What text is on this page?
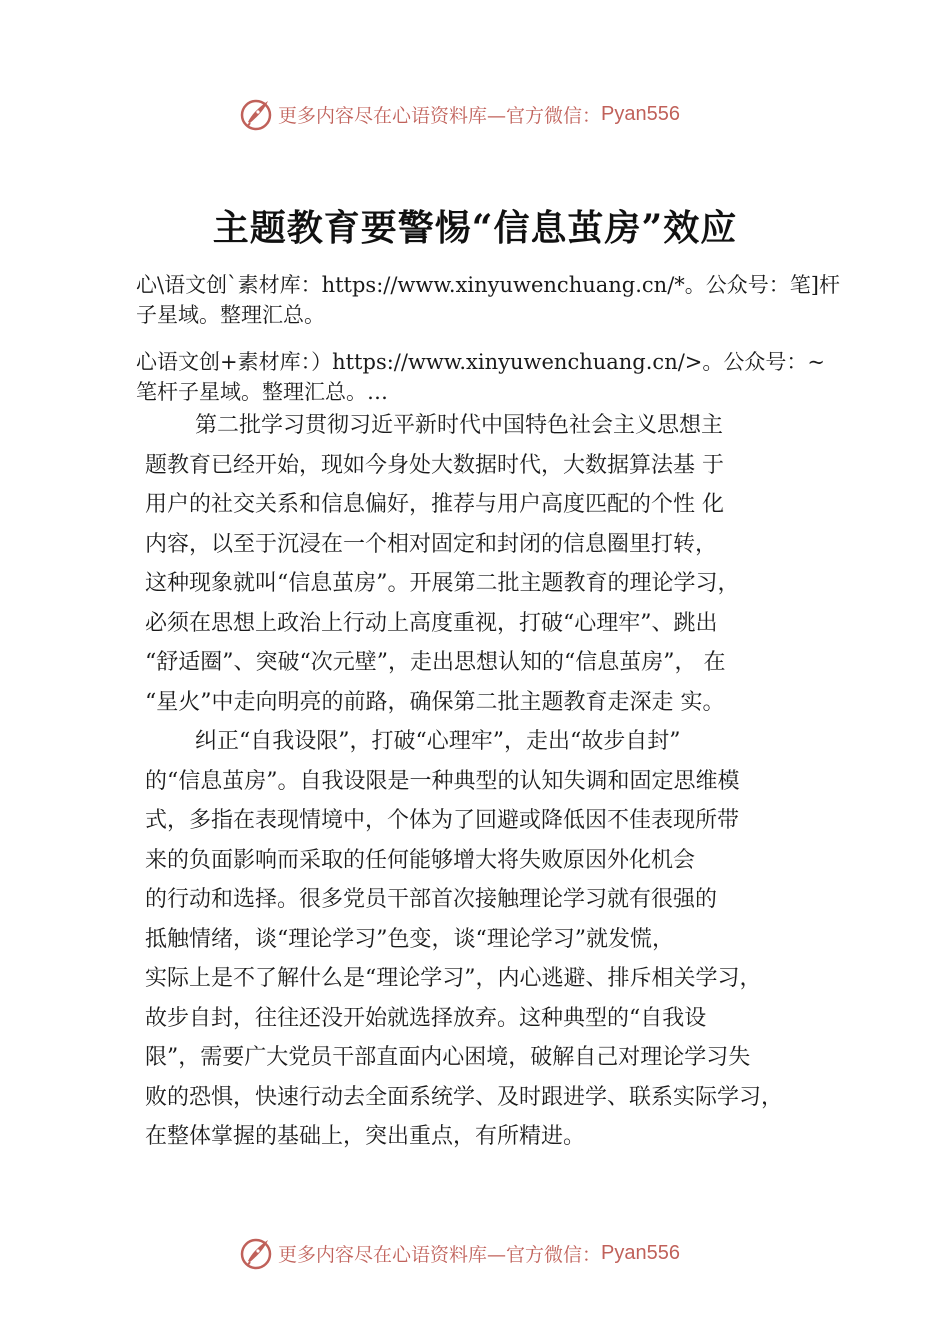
更多内容尽在心语资料库 —官方微信： Pyan556
主题教育要警惕“信息茧房”效应
心\语文创`素材库：https://www.xinyuwenchuang.cn/*。公众号：笔]杆子星域。整理汇总。
心语文创+素材库：）https://www.xinyuwenchuang.cn/>。公众号：~笔杆子星域。整理汇总。…
第二批学习贯彻习近平新时代中国特色社会主义思想主
题教育已经开始，现如今身处大数据时代，大数据算法基 于
用户的社交关系和信息偏好，推荐与用户高度匹配的个性 化
内容，以至于沉浸在一个相对固定和封闭的信息圈里打转，
这种现象就叫“信息茧房”。开展第二批主题教育的理论学习，
必须在思想上政治上行动上高度重视，打破“心理牢”、跳出
“舒适圈”、突破“次元壁”，走出思想认知的“信息茧房”， 在
“星火”中走向明亮的前路，确保第二批主题教育走深走 实。
纠正“自我设限”，打破“心理牢”，走出“故步自封”
的“信息茧房”。自我设限是一种典型的认知失调和固定思维模
式，多指在表现情境中，个体为了回避或降低因不佳表现所带
来的负面影响而采取的任何能够增大将失败原因外化机会
的行动和选择。很多党员干部首次接触理论学习就有很强的
抵触情绪，谈“理论学习”色变，谈“理论学习”就发慌，
实际上是不了解什么是“理论学习”，内心逃避、排斥相关学习，
故步自封，往往还没开始就选择放弃。这种典型的“自我设
限”，需要广大党员干部直面内心困境，破解自己对理论学习失
败的恐惧，快速行动去全面系统学、及时跟进学、联系实际学习，
在整体掌握的基础上，突出重点，有所精进。
更多内容尽在心语资料库 —官方微信： Pyan556
